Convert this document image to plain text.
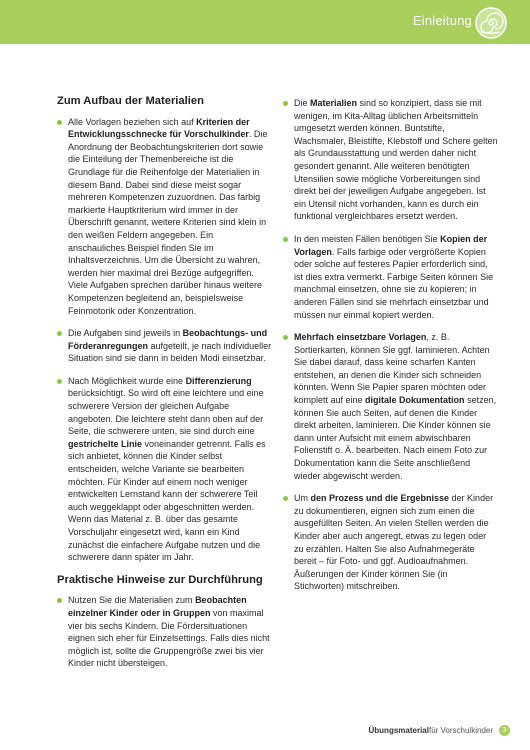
Einleitung
Zum Aufbau der Materialien

Alle Vorlagen beziehen sich auf Kriterien der Entwicklungsschnecke für Vorschulkinder. Die Anordnung der Beobachtungskriterien dort sowie die Einteilung der Themenbereiche ist die Grundlage für die Reihenfolge der Materialien in diesem Band. Dabei sind diese meist sogar mehreren Kompetenzen zuzuordnen. Das farbig markierte Hauptkriterium wird immer in der Überschrift genannt, weitere Kriterien sind klein in den weißen Feldern angegeben. Ein anschauliches Beispiel finden Sie im Inhaltsverzeichnis. Um die Übersicht zu wahren, werden hier maximal drei Bezüge aufgegriffen. Viele Aufgaben sprechen darüber hinaus weitere Kompetenzen begleitend an, beispielsweise Feinmotorik oder Konzentration.

Die Aufgaben sind jeweils in Beobachtungs- und Förderanregungen aufgeteilt, je nach individueller Situation sind sie dann in beiden Modi einsetzbar.

Nach Möglichkeit wurde eine Differenzierung berücksichtigt. So wird oft eine leichtere und eine schwerere Version der gleichen Aufgabe angeboten. Die leichtere steht dann oben auf der Seite, die schwerere unten, sie sind durch eine gestrichelte Linie voneinander getrennt. Falls es sich anbietet, können die Kinder selbst entscheiden, welche Variante sie bearbeiten möchten. Für Kinder auf einem noch weniger entwickelten Lernstand kann der schwerere Teil auch weggeklappt oder abgeschnitten werden. Wenn das Material z. B. über das gesamte Vorschuljahr eingesetzt wird, kann ein Kind zunächst die einfachere Aufgabe nutzen und die schwerere dann später im Jahr.

Praktische Hinweise zur Durchführung

Nutzen Sie die Materialien zum Beobachten einzelner Kinder oder in Gruppen von maximal vier bis sechs Kindern. Die Fördersituationen eignen sich eher für Einzelsettings. Falls dies nicht möglich ist, sollte die Gruppengröße zwei bis vier Kinder nicht übersteigen.

Die Materialien sind so konzipiert, dass sie mit wenigen, im Kita-Alltag üblichen Arbeitsmitteln umgesetzt werden können. Buntstifte, Wachsmaler, Bleistifte, Klebstoff und Schere gelten als Grundausstattung und werden daher nicht gesondert genannt. Alle weiteren benötigten Utensilien sowie mögliche Vorbereitungen sind direkt bei der jeweiligen Aufgabe angegeben. Ist ein Utensil nicht vorhanden, kann es durch ein funktional vergleichbares ersetzt werden.

In den meisten Fällen benötigen Sie Kopien der Vorlagen. Falls farbige oder vergrößerte Kopien oder solche auf festeres Papier erforderlich sind, ist dies extra vermerkt. Farbige Seiten können Sie manchmal einsetzen, ohne sie zu kopieren; in anderen Fällen sind sie mehrfach einsetzbar und müssen nur einmal kopiert werden.

Mehrfach einsetzbare Vorlagen, z. B. Sortierkarten, können Sie ggf. laminieren. Achten Sie dabei darauf, dass keine scharfen Kanten entstehen, an denen die Kinder sich schneiden könnten. Wenn Sie Papier sparen möchten oder komplett auf eine digitale Dokumentation setzen, können Sie auch Seiten, auf denen die Kinder direkt arbeiten, laminieren. Die Kinder können sie dann unter Aufsicht mit einem abwischbaren Folienstift o. Ä. bearbeiten. Nach einem Foto zur Dokumentation kann die Seite anschließend wieder abgewischt werden.

Um den Prozess und die Ergebnisse der Kinder zu dokumentieren, eignen sich zum einen die ausgefüllten Seiten. An vielen Stellen werden die Kinder aber auch angeregt, etwas zu legen oder zu erzählen. Halten Sie also Aufnahmegeräte bereit – für Foto- und ggf. Audioaufnahmen. Äußerungen der Kinder können Sie (in Stichworten) mitschreiben.

Übungsmaterial für Vorschulkinder	3
